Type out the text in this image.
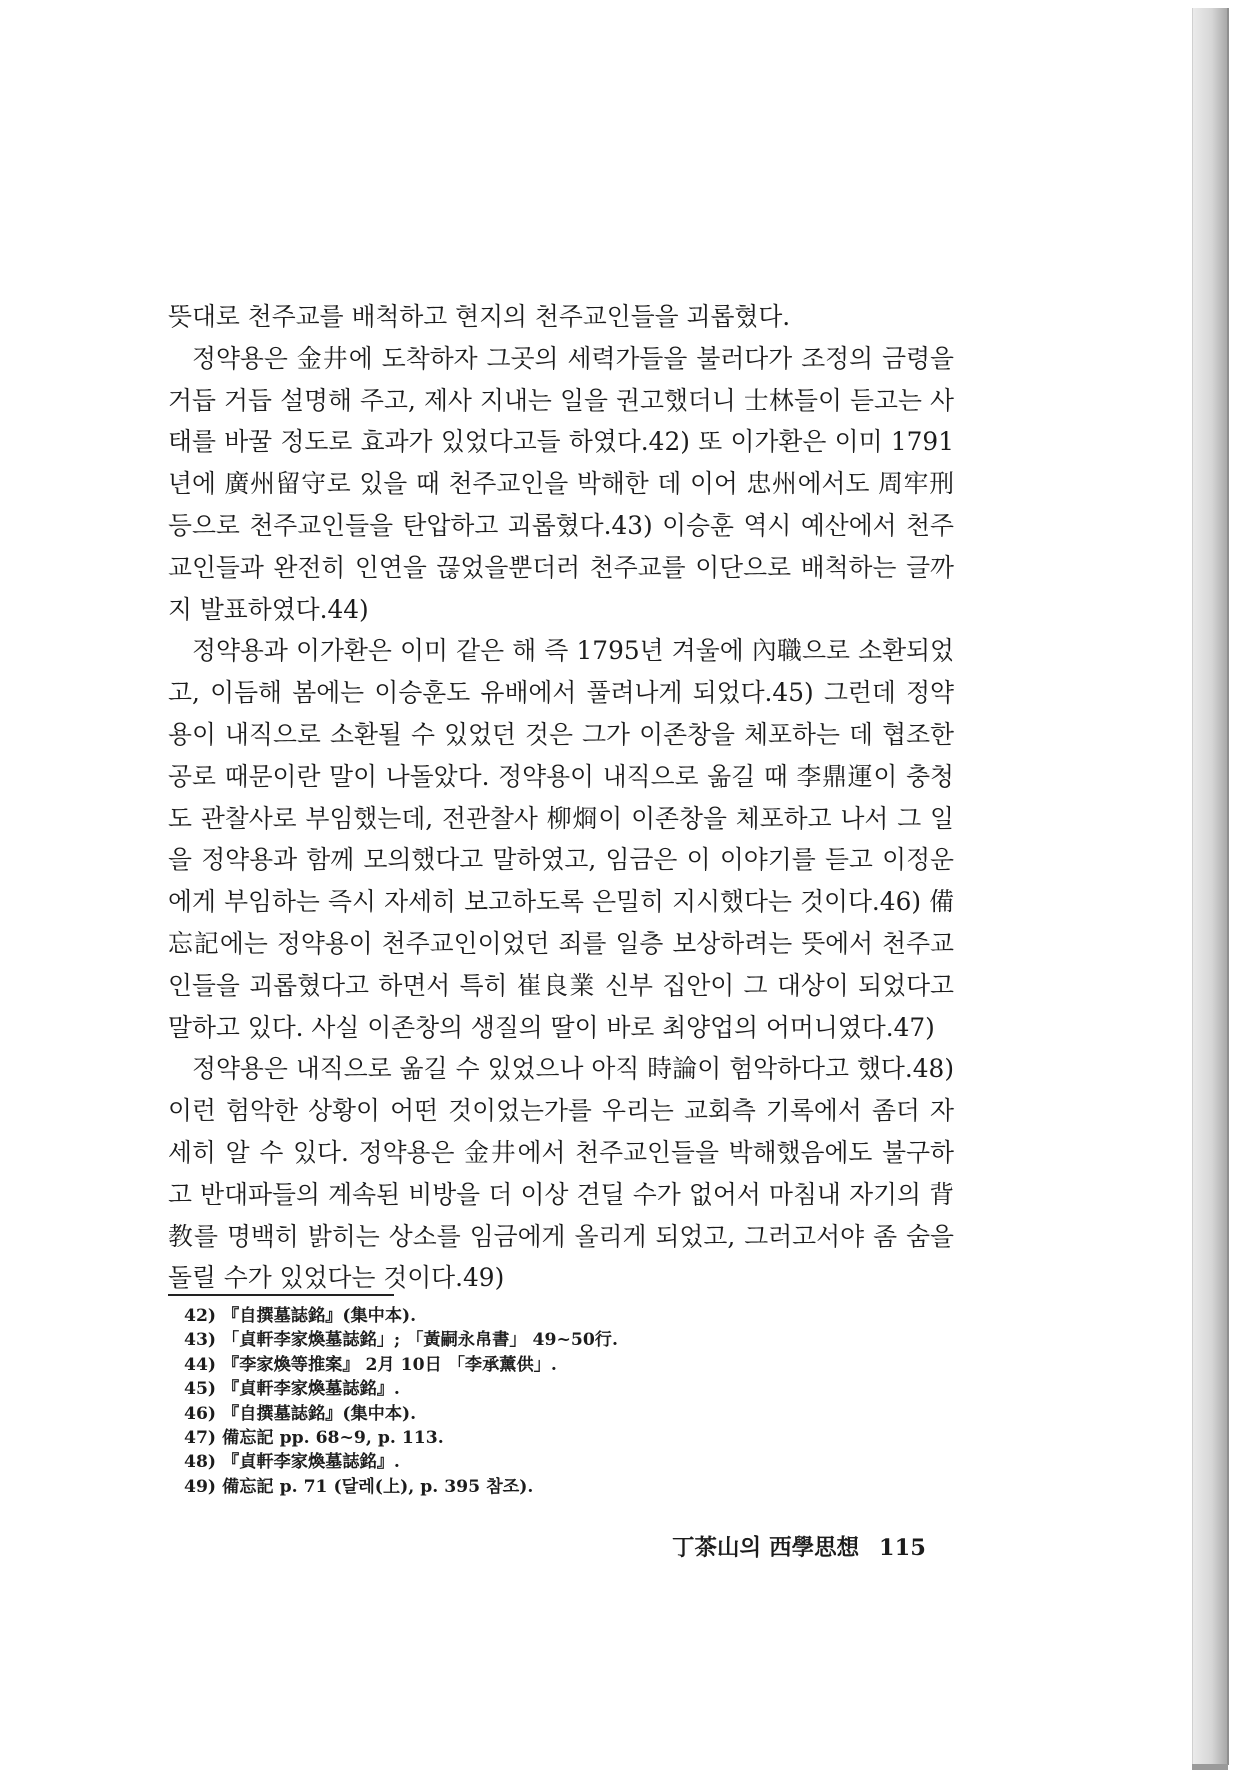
뜻대로 천주교를 배척하고 현지의 천주교인들을 괴롭혔다.

정약용은 金井에 도착하자 그곳의 세력가들을 불러다가 조정의 금령을 거듭 거듭 설명해 주고, 제사 지내는 일을 권고했더니 士林들이 듣고는 사태를 바꿀 정도로 효과가 있었다고들 하였다.42) 또 이가환은 이미 1791년에 廣州留守로 있을 때 천주교인을 박해한 데 이어 忠州에서도 周牢刑 등으로 천주교인들을 탄압하고 괴롭혔다.43) 이승훈 역시 예산에서 천주교인들과 완전히 인연을 끊었을뿐더러 천주교를 이단으로 배척하는 글까지 발표하였다.44)

정약용과 이가환은 이미 같은 해 즉 1795년 겨울에 內職으로 소환되었고, 이듬해 봄에는 이승훈도 유배에서 풀려나게 되었다.45) 그런데 정약용이 내직으로 소환될 수 있었던 것은 그가 이존창을 체포하는 데 협조한 공로 때문이란 말이 나돌았다. 정약용이 내직으로 옮길 때 李鼎運이 충청도 관찰사로 부임했는데, 전관찰사 柳烱이 이존창을 체포하고 나서 그 일을 정약용과 함께 모의했다고 말하였고, 임금은 이 이야기를 듣고 이정운에게 부임하는 즉시 자세히 보고하도록 은밀히 지시했다는 것이다.46) 備忘記에는 정약용이 천주교인이었던 죄를 일층 보상하려는 뜻에서 천주교인들을 괴롭혔다고 하면서 특히 崔良業 신부 집안이 그 대상이 되었다고 말하고 있다. 사실 이존창의 생질의 딸이 바로 최양업의 어머니였다.47)

정약용은 내직으로 옮길 수 있었으나 아직 時論이 험악하다고 했다.48) 이런 험악한 상황이 어떤 것이었는가를 우리는 교회측 기록에서 좀더 자세히 알 수 있다. 정약용은 金井에서 천주교인들을 박해했음에도 불구하고 반대파들의 계속된 비방을 더 이상 견딜 수가 없어서 마침내 자기의 背教를 명백히 밝히는 상소를 임금에게 올리게 되었고, 그러고서야 좀 숨을 돌릴 수가 있었다는 것이다.49)

42) 『自撰墓誌銘』(集中本).
43) 「貞軒李家煥墓誌銘」; 「黃嗣永帛書」 49~50行.
44) 『李家煥等推案』 2月 10日 「李承薰供」.
45) 『貞軒李家煥墓誌銘』.
46) 『自撰墓誌銘』(集中本).
47) 備忘記 pp. 68~9, p. 113.
48) 『貞軒李家煥墓誌銘』.
49) 備忘記 p. 71 (달레(上), p. 395 참조).
丁茶山의 西學思想 115
